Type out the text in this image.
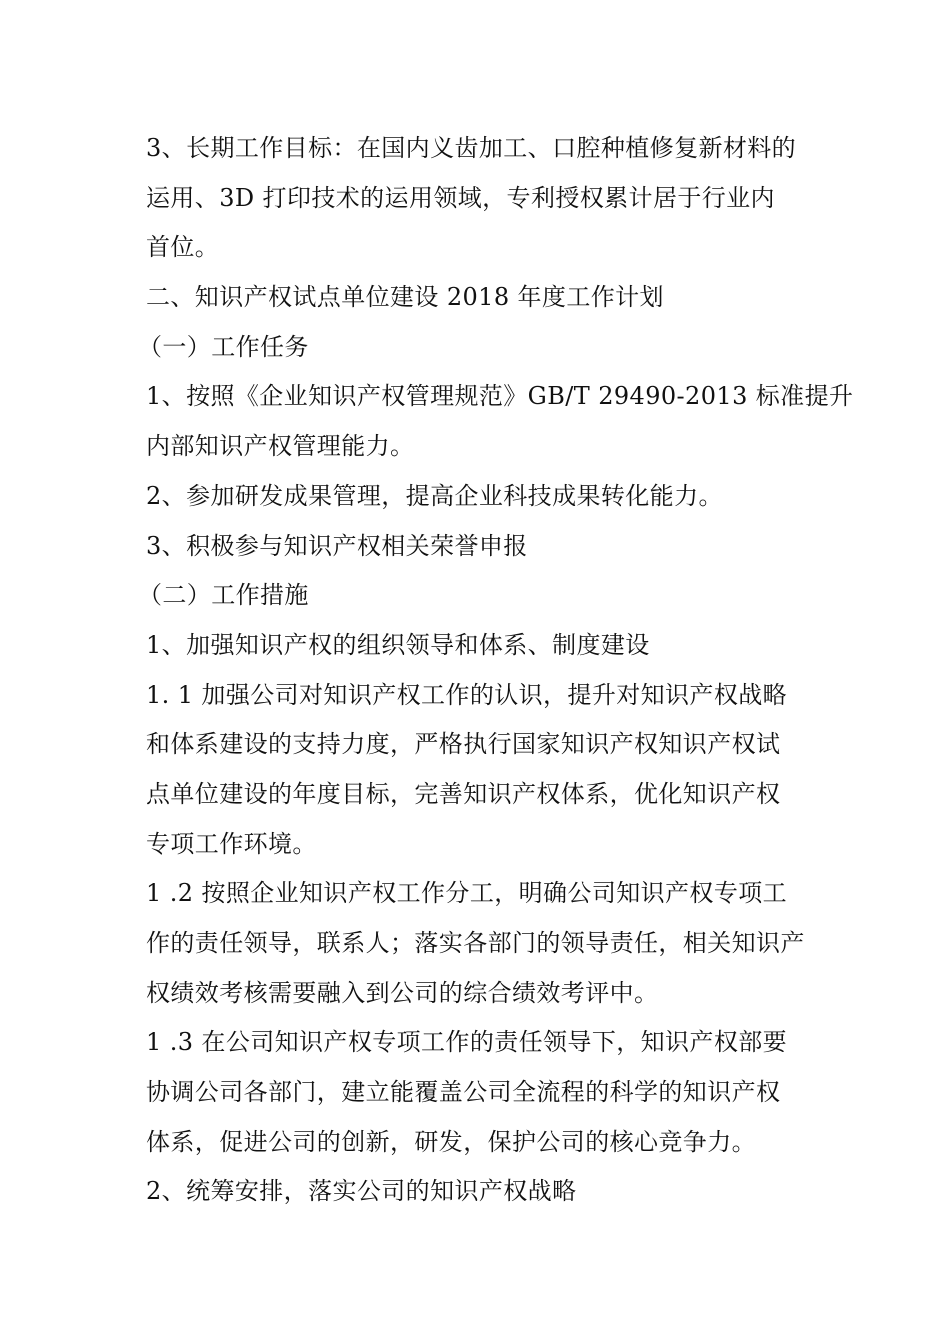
3、长期工作目标：在国内义齿加工、口腔种植修复新材料的
运用、3D 打印技术的运用领域，专利授权累计居于行业内
首位。
二、知识产权试点单位建设 2018 年度工作计划
（一）工作任务
1、按照《企业知识产权管理规范》GB/T 29490-2013 标准提升
内部知识产权管理能力。
2、参加研发成果管理，提高企业科技成果转化能力。
3、积极参与知识产权相关荣誉申报
（二）工作措施
1、加强知识产权的组织领导和体系、制度建设
1. 1 加强公司对知识产权工作的认识，提升对知识产权战略
和体系建设的支持力度，严格执行国家知识产权知识产权试
点单位建设的年度目标，完善知识产权体系，优化知识产权
专项工作环境。
1 .2 按照企业知识产权工作分工，明确公司知识产权专项工
作的责任领导，联系人；落实各部门的领导责任，相关知识产
权绩效考核需要融入到公司的综合绩效考评中。
1 .3 在公司知识产权专项工作的责任领导下，知识产权部要
协调公司各部门，建立能覆盖公司全流程的科学的知识产权
体系，促进公司的创新，研发，保护公司的核心竞争力。
2、统筹安排，落实公司的知识产权战略
